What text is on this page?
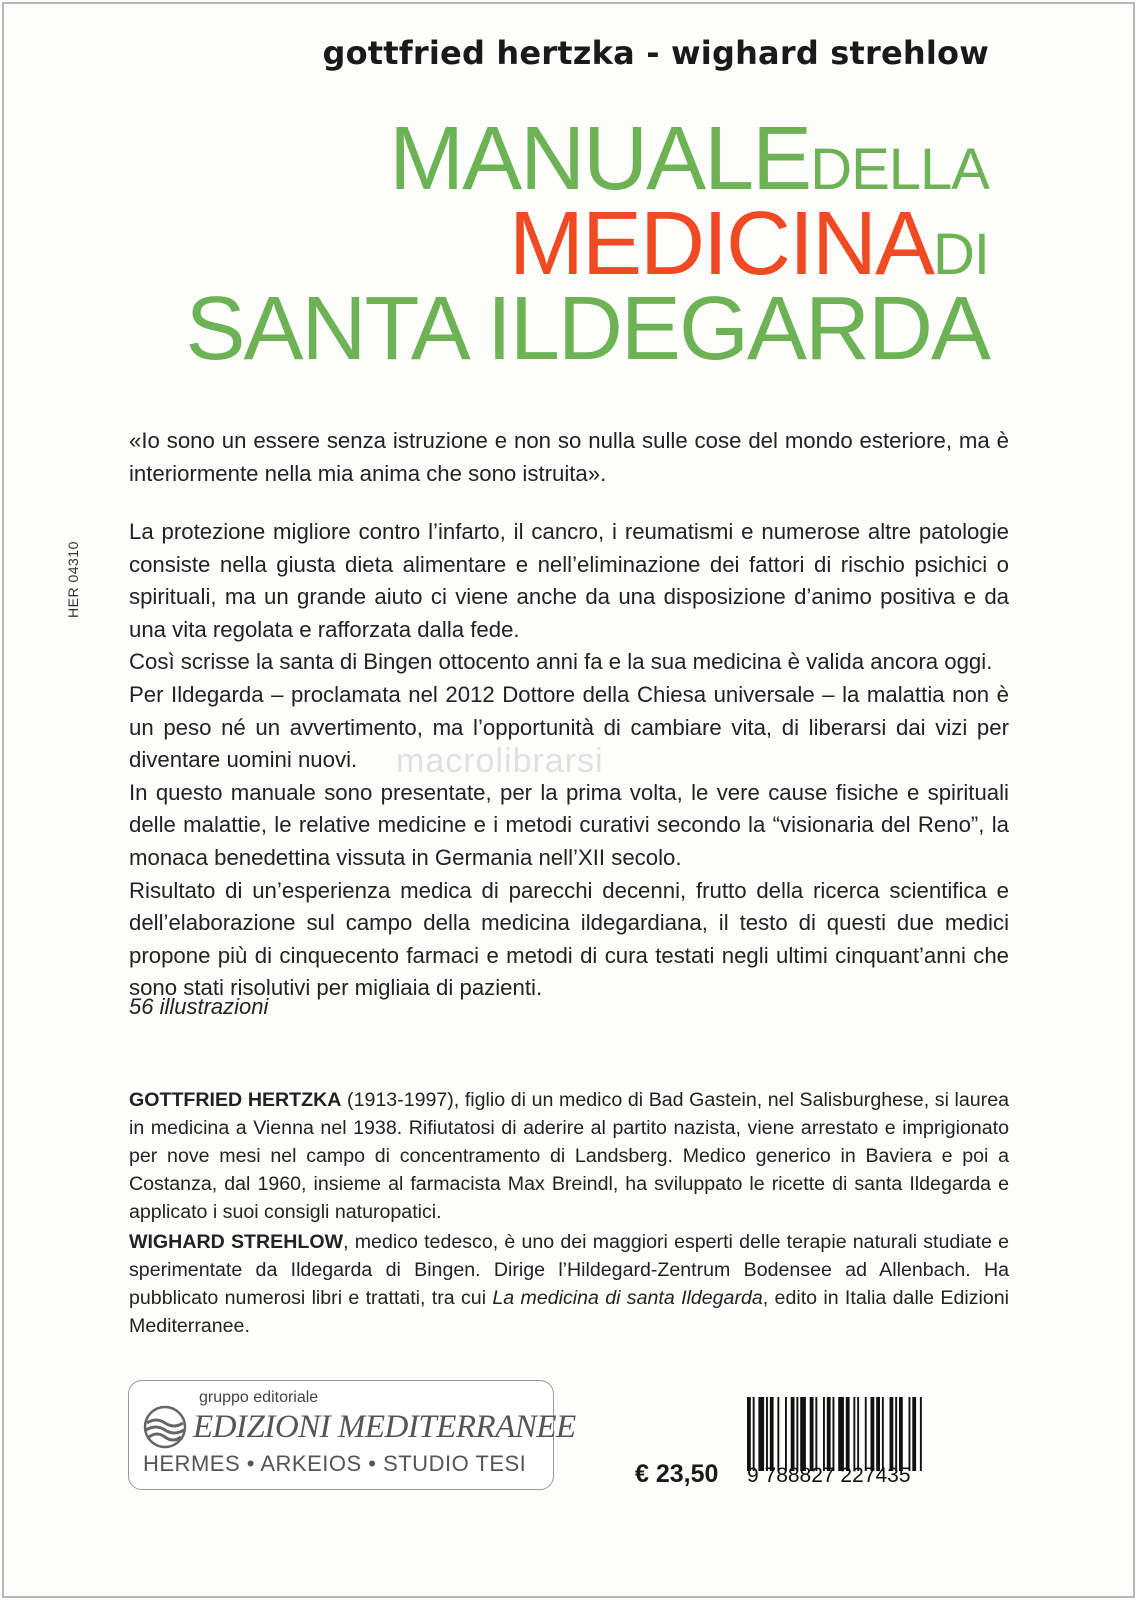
gottfried hertzka - wighard strehlow
MANUALEDELLA
MEDICINADI
SANTA ILDEGARDA
HER 04310
«Io sono un essere senza istruzione e non so nulla sulle cose del mondo esteriore, ma è interiormente nella mia anima che sono istruita».

La protezione migliore contro l’infarto, il cancro, i reumatismi e numerose altre patologie consiste nella giusta dieta alimentare e nell’eliminazione dei fattori di rischio psichici o spirituali, ma un grande aiuto ci viene anche da una disposizione d’animo positiva e da una vita regolata e rafforzata dalla fede.

Così scrisse la santa di Bingen ottocento anni fa e la sua medicina è valida ancora oggi.

Per Ildegarda – proclamata nel 2012 Dottore della Chiesa universale – la malattia non è un peso né un avvertimento, ma l’opportunità di cambiare vita, di liberarsi dai vizi per diventare uomini nuovi.

In questo manuale sono presentate, per la prima volta, le vere cause fisiche e spirituali delle malattie, le relative medicine e i metodi curativi secondo la “visionaria del Reno”, la monaca benedettina vissuta in Germania nell’XII secolo.

Risultato di un’esperienza medica di parecchi decenni, frutto della ricerca scientifica e dell’elaborazione sul campo della medicina ildegardiana, il testo di questi due medici propone più di cinquecento farmaci e metodi di cura testati negli ultimi cinquant’anni che sono stati risolutivi per migliaia di pazienti.

macrolibrarsi
56 illustrazioni
GOTTFRIED HERTZKA (1913-1997), figlio di un medico di Bad Gastein, nel Salisburghese, si laurea in medicina a Vienna nel 1938. Rifiutatosi di aderire al partito nazista, viene arrestato e imprigionato per nove mesi nel campo di concentramento di Landsberg. Medico generico in Baviera e poi a Costanza, dal 1960, insieme al farmacista Max Breindl, ha sviluppato le ricette di santa Ildegarda e applicato i suoi consigli naturopatici.
WIGHARD STREHLOW, medico tedesco, è uno dei maggiori esperti delle terapie naturali studiate e sperimentate da Ildegarda di Bingen. Dirige l’Hildegard-Zentrum Bodensee ad Allenbach. Ha pubblicato numerosi libri e trattati, tra cui La medicina di santa Ildegarda, edito in Italia dalle Edizioni Mediterranee.
gruppo editoriale
EDIZIONI MEDITERRANEE
HERMES • ARKEIOS • STUDIO TESI	€ 23,50 9 788827 227435
